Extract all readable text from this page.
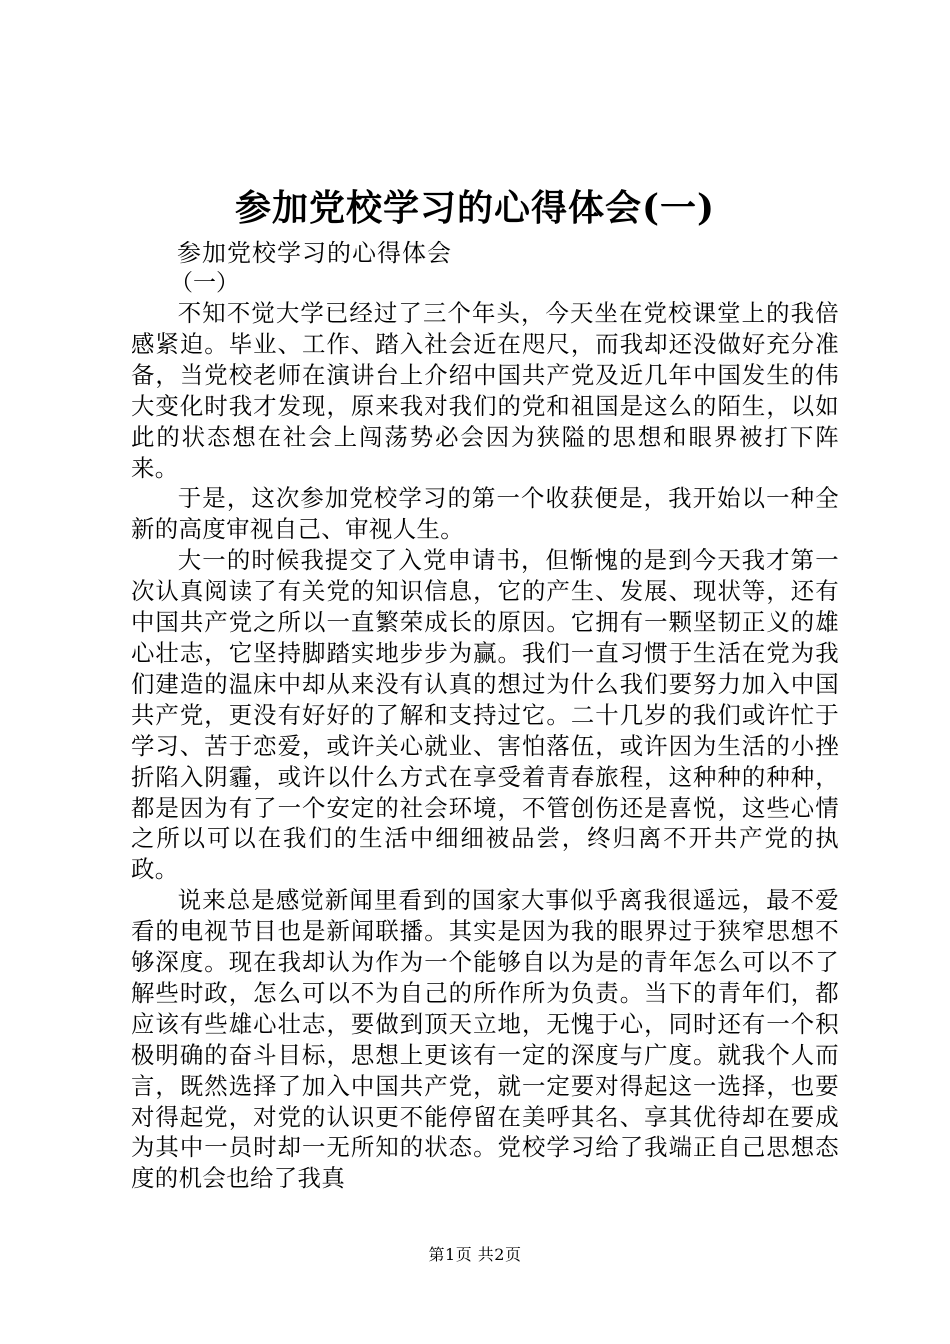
参加党校学习的心得体会(一)
参加党校学习的心得体会
（一）

不知不觉大学已经过了三个年头，今天坐在党校课堂上的我倍感紧迫。毕业、工作、踏入社会近在咫尺，而我却还没做好充分准备，当党校老师在演讲台上介绍中国共产党及近几年中国发生的伟大变化时我才发现，原来我对我们的党和祖国是这么的陌生，以如此的状态想在社会上闯荡势必会因为狭隘的思想和眼界被打下阵来。

于是，这次参加党校学习的第一个收获便是，我开始以一种全新的高度审视自己、审视人生。

大一的时候我提交了入党申请书，但惭愧的是到今天我才第一次认真阅读了有关党的知识信息，它的产生、发展、现状等，还有中国共产党之所以一直繁荣成长的原因。它拥有一颗坚韧正义的雄心壮志，它坚持脚踏实地步步为赢。我们一直习惯于生活在党为我们建造的温床中却从来没有认真的想过为什么我们要努力加入中国共产党，更没有好好的了解和支持过它。二十几岁的我们或许忙于学习、苦于恋爱，或许关心就业、害怕落伍，或许因为生活的小挫折陷入阴霾，或许以什么方式在享受着青春旅程，这种种的种种，都是因为有了一个安定的社会环境，不管创伤还是喜悦，这些心情之所以可以在我们的生活中细细被品尝，终归离不开共产党的执政。

说来总是感觉新闻里看到的国家大事似乎离我很遥远，最不爱看的电视节目也是新闻联播。其实是因为我的眼界过于狭窄思想不够深度。现在我却认为作为一个能够自以为是的青年怎么可以不了解些时政，怎么可以不为自己的所作所为负责。当下的青年们，都应该有些雄心壮志，要做到顶天立地，无愧于心，同时还有一个积极明确的奋斗目标，思想上更该有一定的深度与广度。就我个人而言，既然选择了加入中国共产党，就一定要对得起这一选择，也要对得起党，对党的认识更不能停留在美呼其名、享其优待却在要成为其中一员时却一无所知的状态。党校学习给了我端正自己思想态度的机会也给了我真

第1页 共2页
